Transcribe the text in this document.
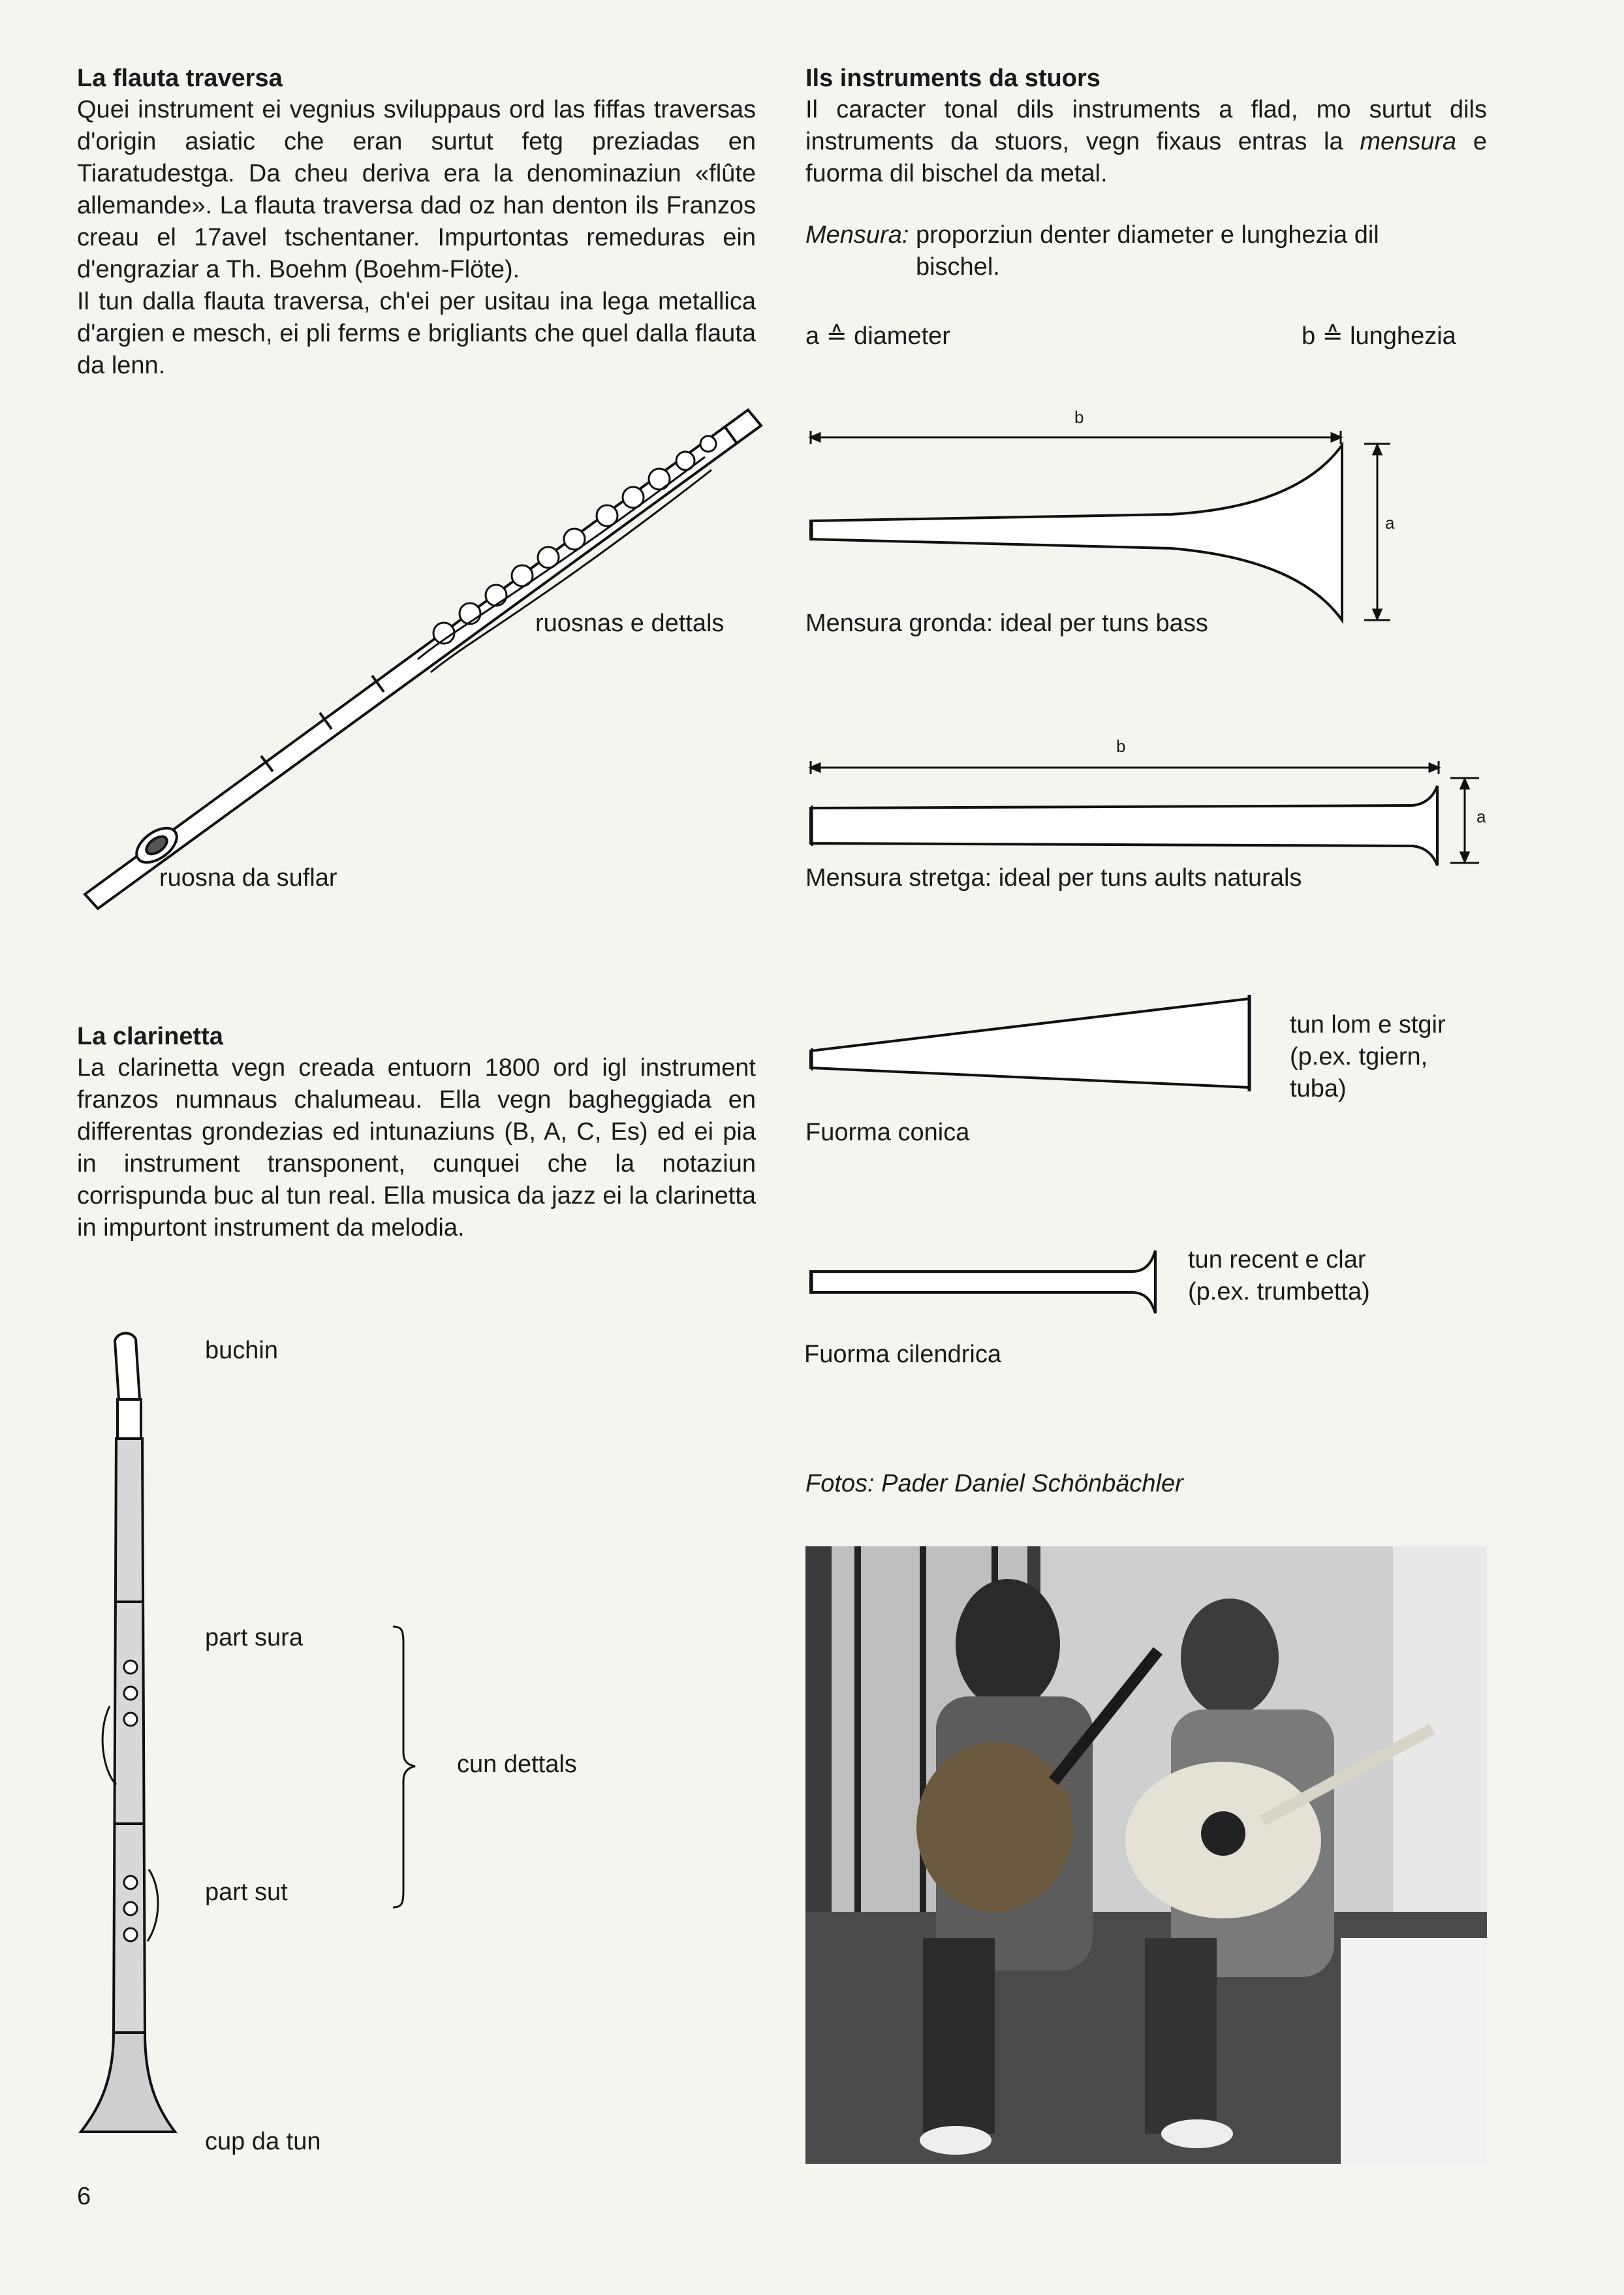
La flauta traversa
Quei instrument ei vegnius sviluppaus ord las fiffas traversas d'origin asiatic che eran surtut fetg preziadas en Tiaratudestga. Da cheu deriva era la denominaziun «flûte allemande». La flauta traversa dad oz han denton ils Franzos creau el 17avel tschentaner. Impurtontas remeduras ein d'engraziar a Th. Boehm (Boehm-Flöte).
Il tun dalla flauta traversa, ch'ei per usitau ina lega metallica d'argien e mesch, ei pli ferms e brigliants che quel dalla flauta da lenn.
ruosnas e dettals
ruosna da suflar
Ils instruments da stuors
Il caracter tonal dils instruments a flad, mo surtut dils instruments da stuors, vegn fixaus entras la mensura e fuorma dil bischel da metal.
Mensura: proporziun denter diameter e lunghezia dil bischel.
a ≙ diameter	b ≙ lunghezia
b
a
Mensura gronda: ideal per tuns bass
b
a
Mensura stretga: ideal per tuns aults naturals
La clarinetta
La clarinetta vegn creada entuorn 1800 ord igl instrument franzos numnaus chalumeau. Ella vegn bagheggiada en differentas grondezias ed intunaziuns (B, A, C, Es) ed ei pia in instrument transponent, cunquei che la notaziun corrispunda buc al tun real. Ella musica da jazz ei la clarinetta in impurtont instrument da melodia.
Fuorma conica
tun lom e stgir
(p.ex. tgiern,
tuba)
tun recent e clar
(p.ex. trumbetta)
Fuorma cilendrica
buchin
part sura
part sut
cun dettals
cup da tun
Fotos: Pader Daniel Schönbächler
6
